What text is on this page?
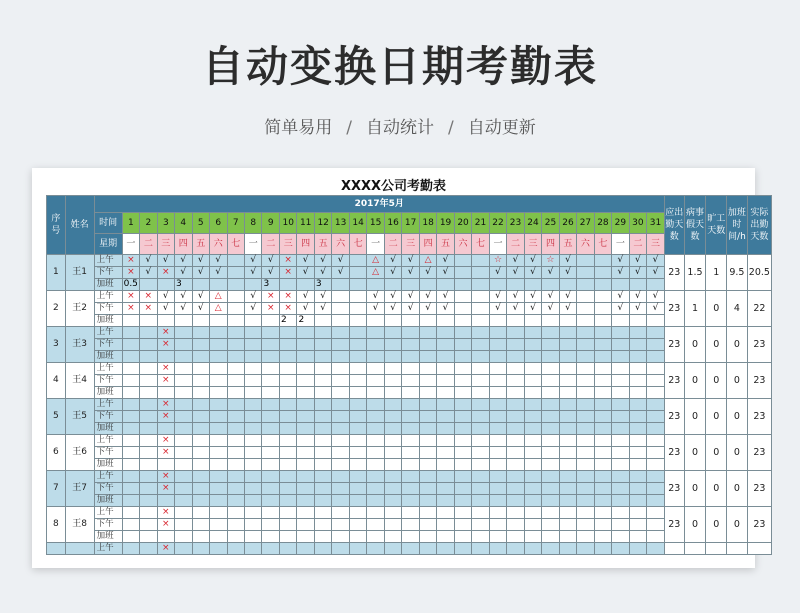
自动变换日期考勤表
简单易用 / 自动统计 / 自动更新
XXXX公司考勤表
序号	姓名	2017年5月																																应出勤天数	病事假天数	旷工天数	加班时间/h	实际出勤天数
		时间	1	2	3	4	5	6	7	8	9	10	11	12	13	14	15	16	17	18	19	20	21	22	23	24	25	26	27	28	29	30	31					
		星期	一	二	三	四	五	六	七	一	二	三	四	五	六	七	一	二	三	四	五	六	七	一	二	三	四	五	六	七	一	二	三					
1	王1	上午	×	√	√	√	√	√		√	√	×	√	√	√		△	√	√	△	√			☆	√	√	☆	√			√	√	√	23	1.5	1	9.5	20.5
		下午	×	√	×	√	√	√		√	√	×	√	√	√		△	√	√	√	√			√	√	√	√	√			√	√	√					
		加班	0.5			3					3			3																								
2	王2	上午	×	×	√	√	√	△		√	×	×	√	√			√	√	√	√	√			√	√	√	√	√			√	√	√	23	1	0	4	22
		下午	×	×	√	√	√	△		√	×	×	√	√			√	√	√	√	√			√	√	√	√	√			√	√	√					
		加班										2	2																									
3	王3	上午			×																													23	0	0	0	23
		下午			×																																	
		加班																																				
4	王4	上午			×																													23	0	0	0	23
		下午			×																																	
		加班																																				
5	王5	上午			×																													23	0	0	0	23
		下午			×																																	
		加班																																				
6	王6	上午			×																													23	0	0	0	23
		下午			×																																	
		加班																																				
7	王7	上午			×																													23	0	0	0	23
		下午			×																																	
		加班																																				
8	王8	上午			×																													23	0	0	0	23
		下午			×																																	
		加班																																				
		上午			×																																	
